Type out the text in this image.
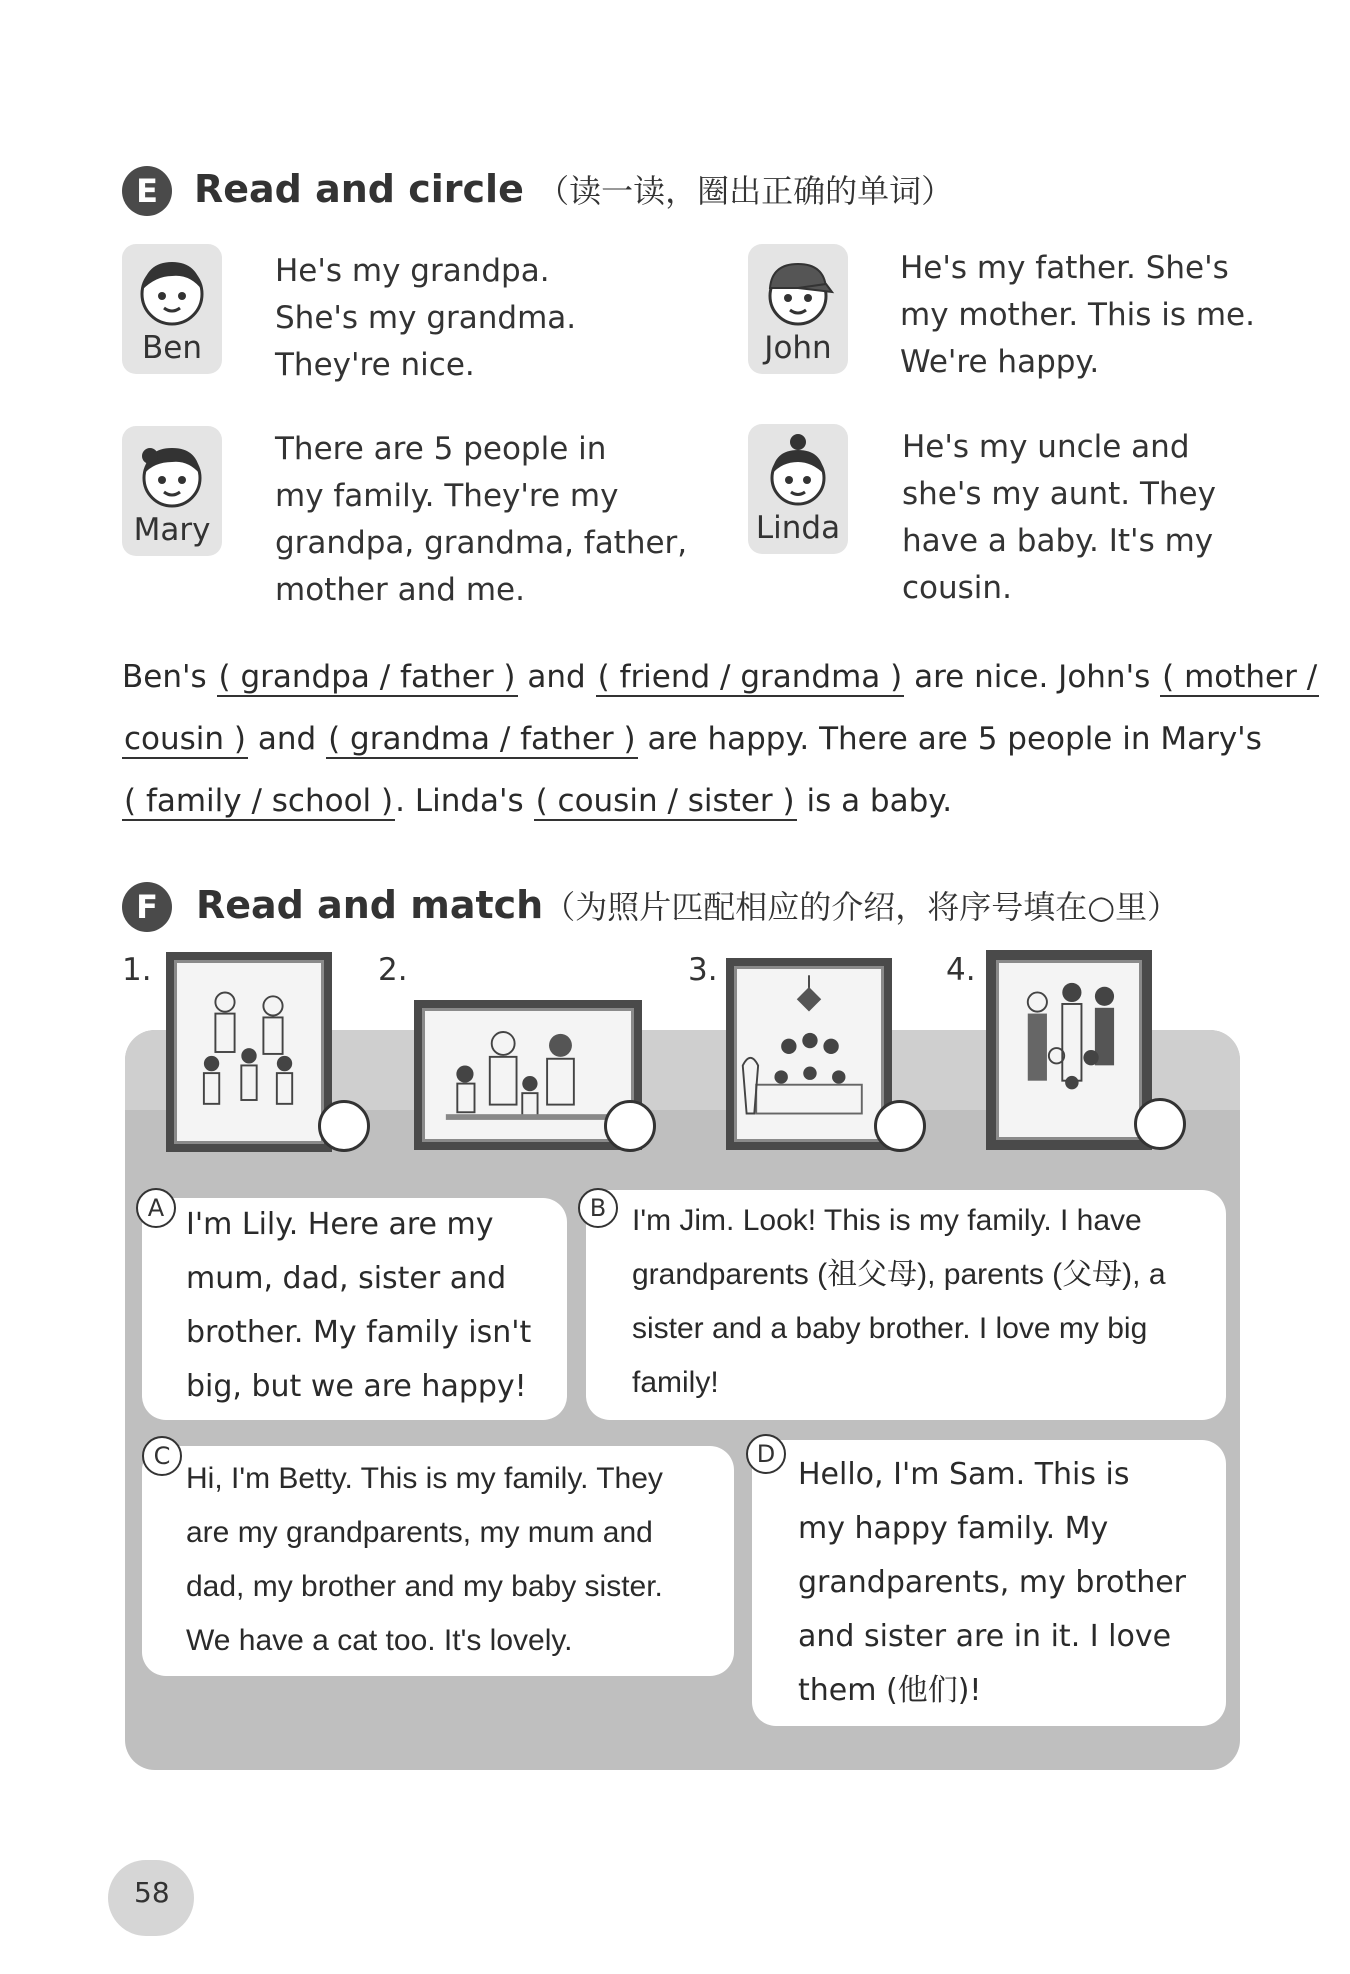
E Read and circle （读一读，圈出正确的单词）
Ben
He's my grandpa.
She's my grandma.
They're nice.	John
He's my father. She's
my mother. This is me.
We're happy.
Mary
There are 5 people in
my family. They're my
grandpa, grandma, father,
mother and me.
Linda
He's my uncle and
she's my aunt. They
have a baby. It's my
cousin.
Ben's ( grandpa / father ) and ( friend / grandma ) are nice. John's ( mother /
cousin ) and ( grandma / father ) are happy. There are 5 people in Mary's
( family / school ). Linda's ( cousin / sister ) is a baby.
F	Read and match（为照片匹配相应的介绍，将序号填在○里）
1.	2.	3.	4.
A I'm Lily. Here are my
mum, dad, sister and
brother. My family isn't
big, but we are happy!
B I'm Jim. Look! This is my family. I have
grandparents (祖父母), parents (父母), a
sister and a baby brother. I love my big
family!
C
Hi, I'm Betty. This is my family. They
are my grandparents, my mum and
dad, my brother and my baby sister.
We have a cat too. It's lovely.
D
Hello, I'm Sam. This is
my happy family. My
grandparents, my brother
and sister are in it. I love
them (他们)!
58
